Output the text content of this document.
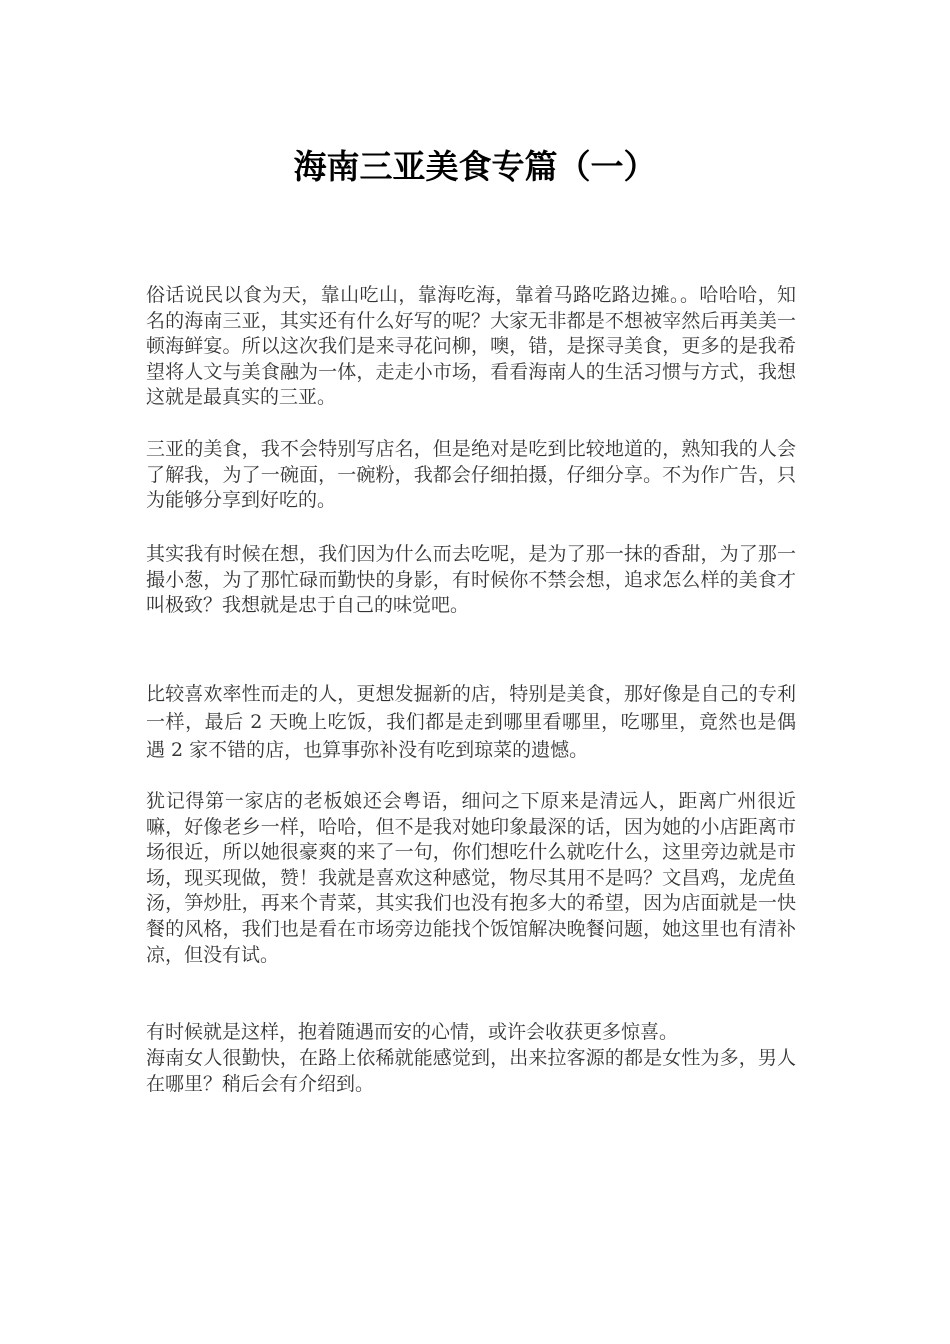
海南三亚美食专篇（一）

俗话说民以食为天，靠山吃山，靠海吃海，靠着马路吃路边摊。。哈哈哈，知名的海南三亚，其实还有什么好写的呢？大家无非都是不想被宰然后再美美一顿海鲜宴。所以这次我们是来寻花问柳，噢，错，是探寻美食，更多的是我希望将人文与美食融为一体，走走小市场，看看海南人的生活习惯与方式，我想这就是最真实的三亚。

三亚的美食，我不会特别写店名，但是绝对是吃到比较地道的，熟知我的人会了解我，为了一碗面，一碗粉，我都会仔细拍摄，仔细分享。不为作广告，只为能够分享到好吃的。

其实我有时候在想，我们因为什么而去吃呢，是为了那一抹的香甜，为了那一撮小葱，为了那忙碌而勤快的身影，有时候你不禁会想，追求怎么样的美食才叫极致？我想就是忠于自己的味觉吧。

比较喜欢率性而走的人，更想发掘新的店，特别是美食，那好像是自己的专利一样，最后 2 天晚上吃饭，我们都是走到哪里看哪里，吃哪里，竟然也是偶遇 2 家不错的店，也算事弥补没有吃到琼菜的遗憾。

犹记得第一家店的老板娘还会粤语，细问之下原来是清远人，距离广州很近嘛，好像老乡一样，哈哈，但不是我对她印象最深的话，因为她的小店距离市场很近，所以她很豪爽的来了一句，你们想吃什么就吃什么，这里旁边就是市场，现买现做，赞！我就是喜欢这种感觉，物尽其用不是吗？文昌鸡，龙虎鱼汤，笋炒肚，再来个青菜，其实我们也没有抱多大的希望，因为店面就是一快餐的风格，我们也是看在市场旁边能找个饭馆解决晚餐问题，她这里也有清补凉，但没有试。

有时候就是这样，抱着随遇而安的心情，或许会收获更多惊喜。

海南女人很勤快，在路上依稀就能感觉到，出来拉客源的都是女性为多，男人在哪里？稍后会有介绍到。
